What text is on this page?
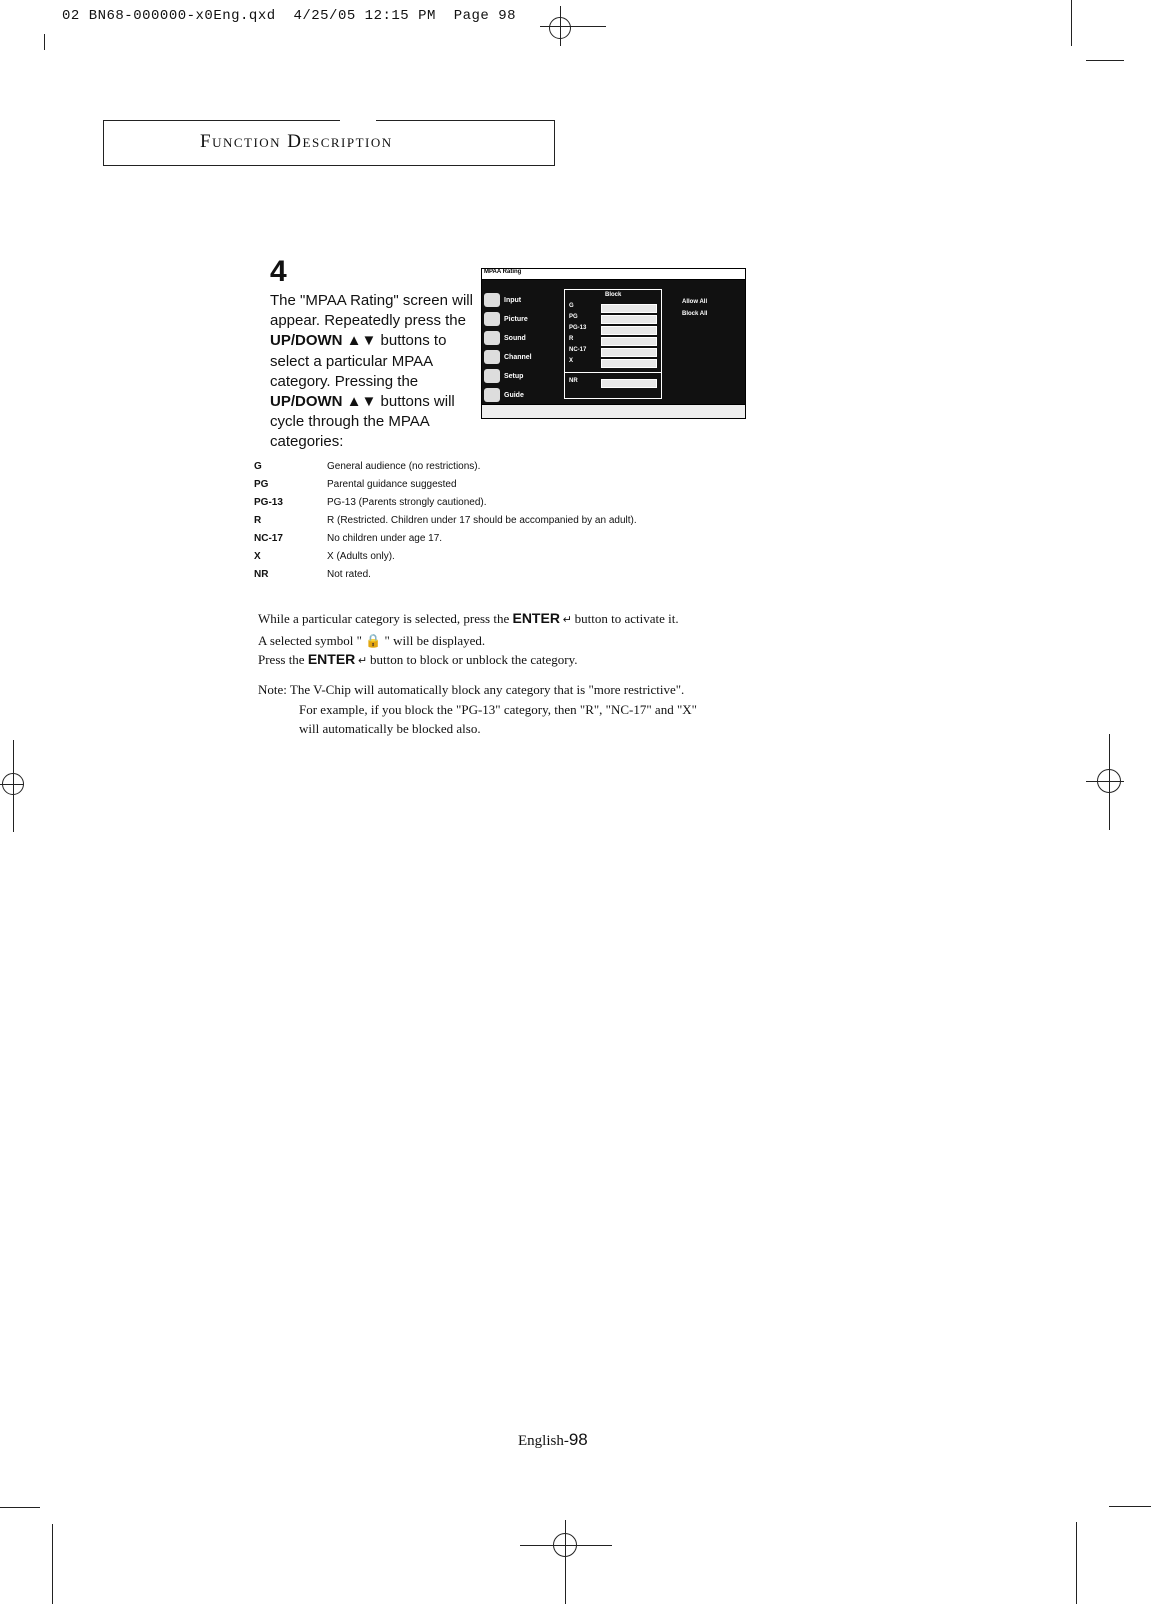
02 BN68-000000-x0Eng.qxd 4/25/05 12:15 PM Page 98
Function Description
4
The "MPAA Rating" screen will appear. Repeatedly press the UP/DOWN ▲▼ buttons to select a particular MPAA category. Pressing the UP/DOWN ▲▼ buttons will cycle through the MPAA categories:
MPAA Rating
Input
Picture
Sound
Channel
Setup
Guide
Block
G
PG
PG-13
R
NC-17
X
NR
Allow All
Block All
G	General audience (no restrictions).
PG	Parental guidance suggested
PG-13	PG-13 (Parents strongly cautioned).
R	R (Restricted. Children under 17 should be accompanied by an adult).
NC-17	No children under age 17.
X	X (Adults only).
NR	Not rated.
While a particular category is selected, press the ENTER ↵ button to activate it.
A selected symbol " 🔒 " will be displayed.
Press the ENTER ↵ button to block or unblock the category.
Note: The V-Chip will automatically block any category that is "more restrictive".
For example, if you block the "PG-13" category, then "R", "NC-17" and "X"
will automatically be blocked also.
English-98
